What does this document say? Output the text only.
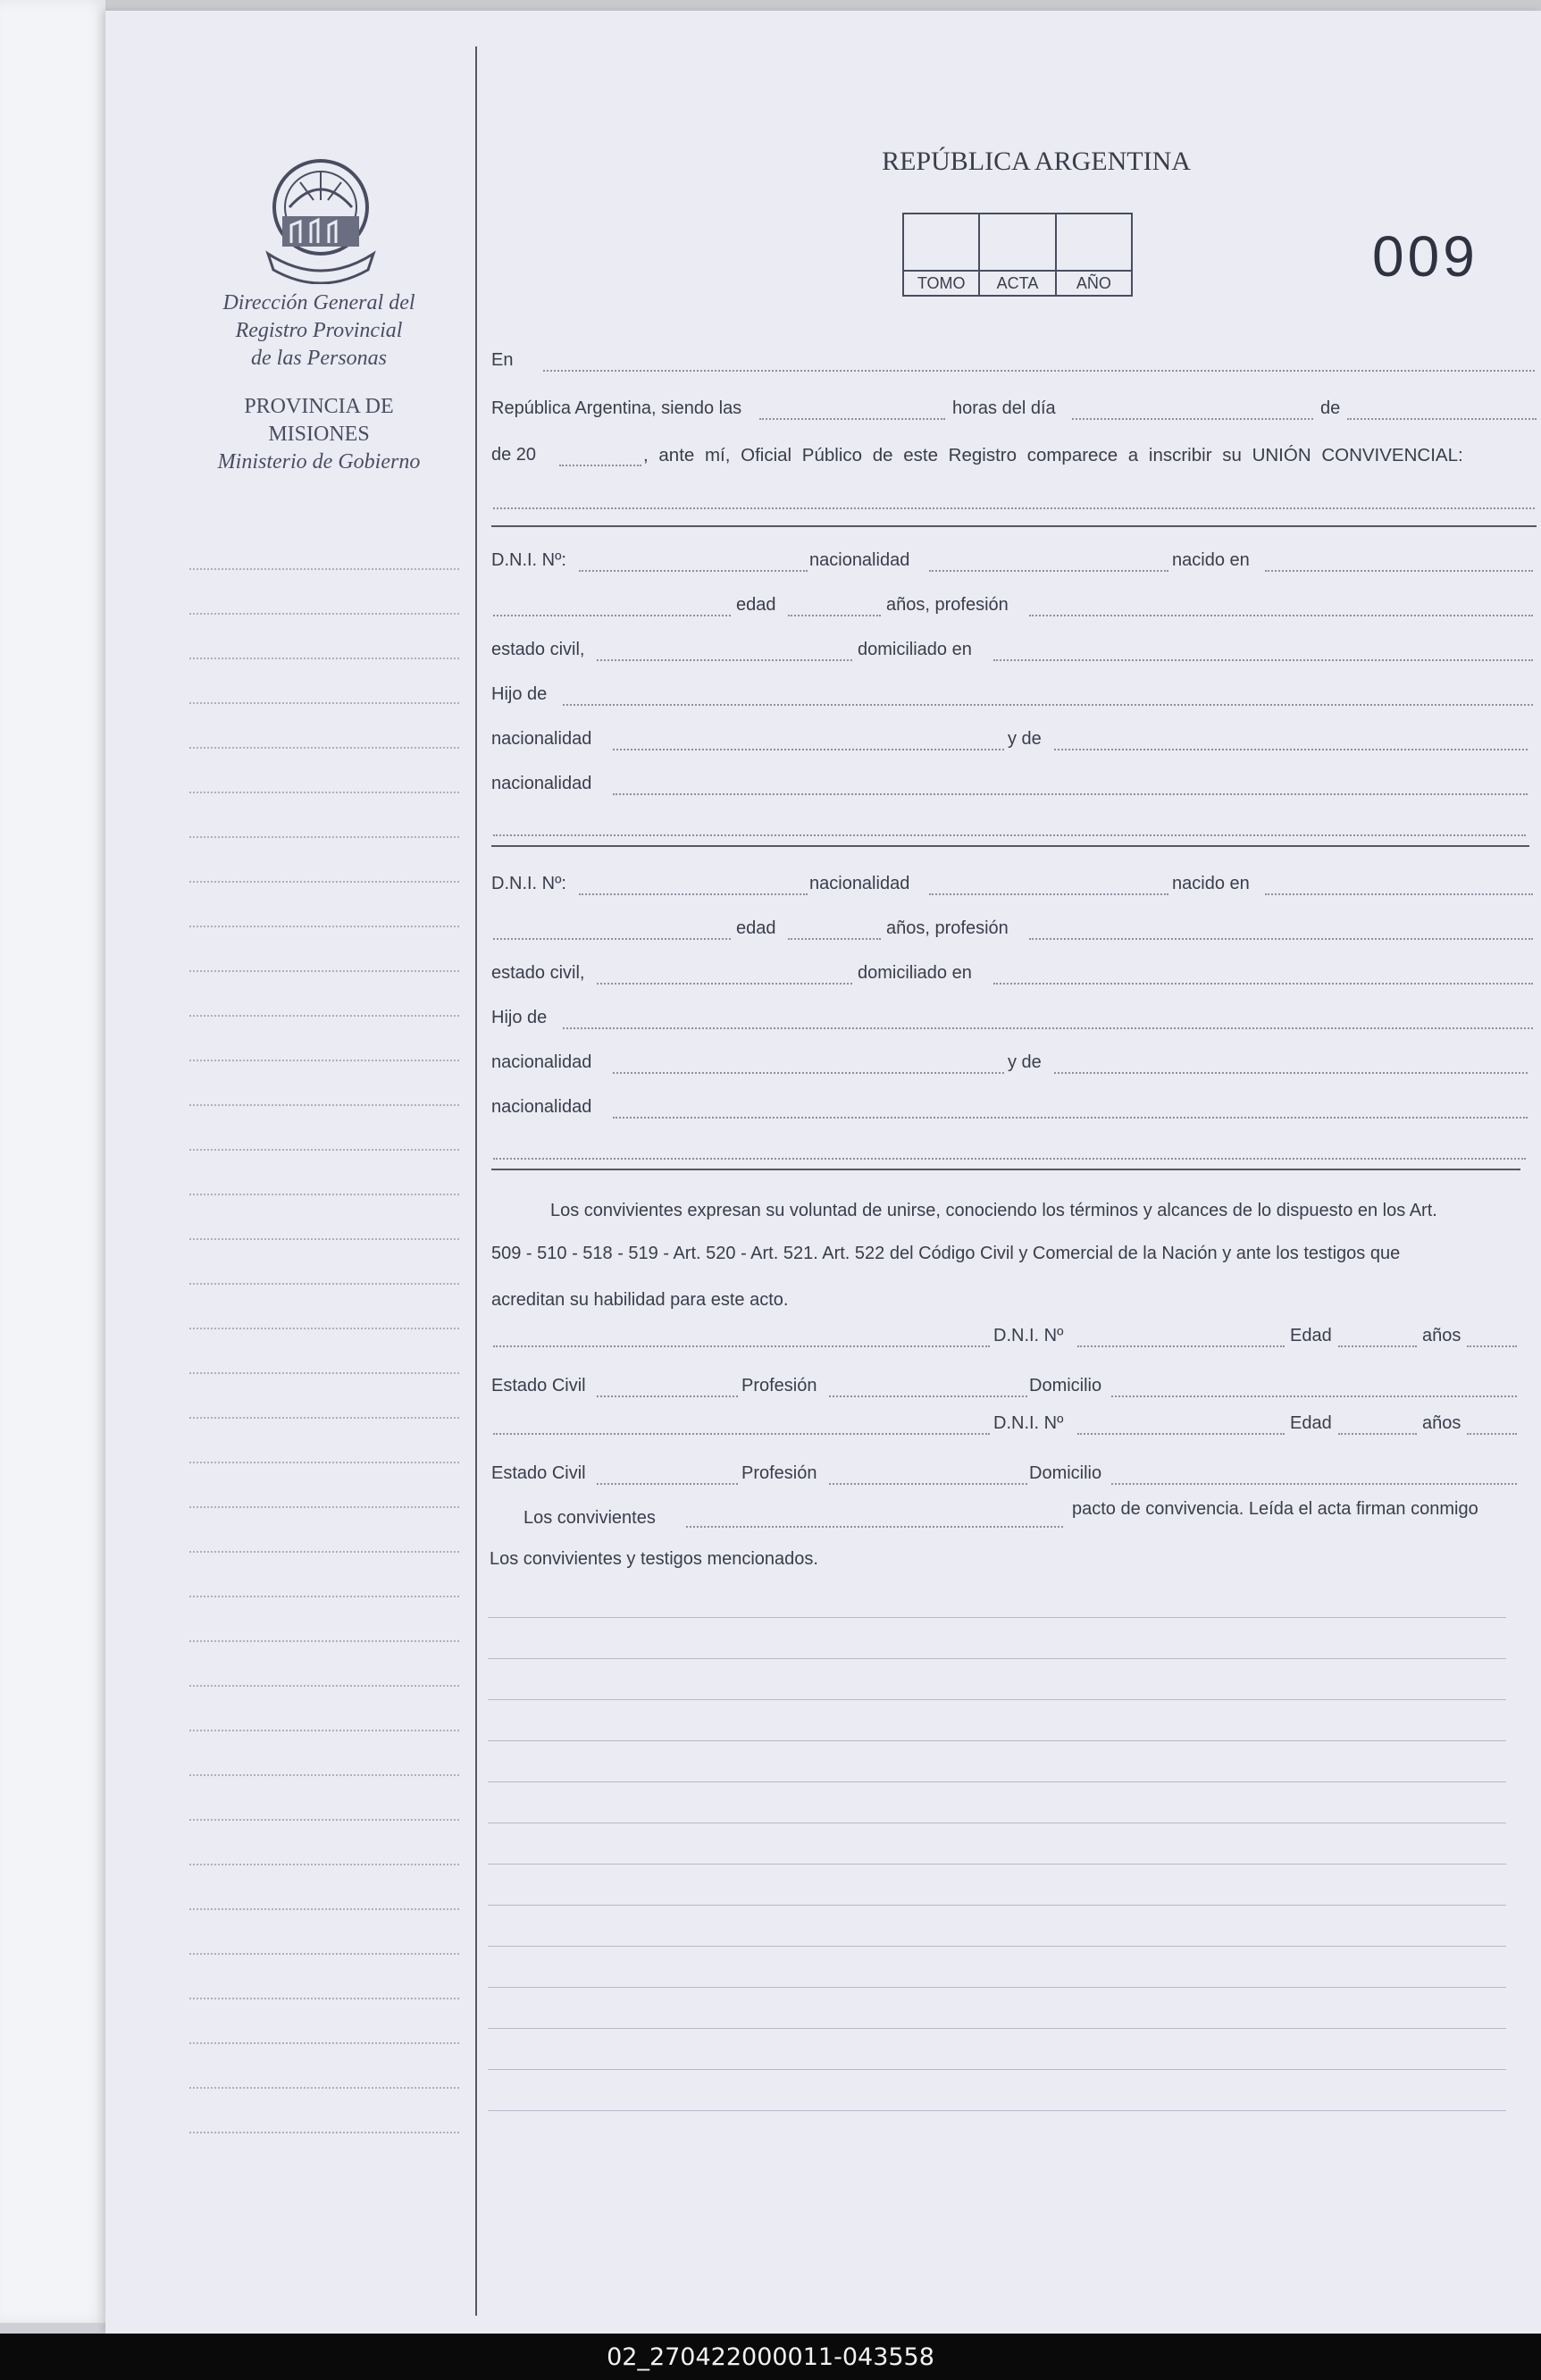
Dirección General del
Registro Provincial
de las Personas
PROVINCIA DE
MISIONES
Ministerio de Gobierno
REPÚBLICA ARGENTINA
TOMO	ACTA	AÑO	009
En
República Argentina, siendo las	horas del día	de
de 20	, ante mí, Oficial Público de este Registro comparece a inscribir su UNIÓN CONVIVENCIAL:
D.N.I. Nº:	nacionalidad	nacido en
edad	años, profesión
estado civil,	domiciliado en
Hijo de
nacionalidad	y de
nacionalidad
D.N.I. Nº:	nacionalidad	nacido en
edad	años, profesión
estado civil,	domiciliado en
Hijo de
nacionalidad	y de
nacionalidad
Los convivientes expresan su voluntad de unirse, conociendo los términos y alcances de lo dispuesto en los Art.
509 - 510 - 518 - 519 - Art. 520 - Art. 521. Art. 522 del Código Civil y Comercial de la Nación y ante los testigos que
acreditan su habilidad para este acto.
D.N.I. Nº	Edad	años
Estado Civil	Profesión	Domicilio
D.N.I. Nº	Edad	años
Estado Civil	Profesión	Domicilio
Los convivientes	pacto de convivencia. Leída el acta firman conmigo
Los convivientes y testigos mencionados.
02_270422000011-043558
